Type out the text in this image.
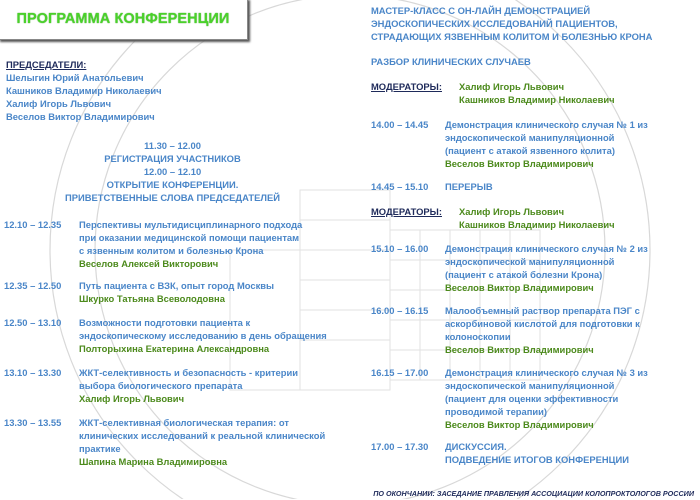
ПРОГРАММА КОНФЕРЕНЦИИ
ПРЕДСЕДАТЕЛИ:
Шелыгин Юрий Анатольевич
Кашников Владимир Николаевич
Халиф Игорь Львович
Веселов Виктор Владимирович
11.30 – 12.00
РЕГИСТРАЦИЯ УЧАСТНИКОВ
12.00 – 12.10
ОТКРЫТИЕ КОНФЕРЕНЦИИ.
ПРИВЕТСТВЕННЫЕ СЛОВА ПРЕДСЕДАТЕЛЕЙ
12.10 – 12.35	Перспективы мультидисциплинарного подхода
при оказании медицинской помощи пациентам
с язвенным колитом и болезнью Крона
Веселов Алексей Викторович
12.35 – 12.50	Путь пациента с ВЗК, опыт город Москвы
Шкурко Татьяна Всеволодовна
12.50 – 13.10	Возможности подготовки пациента к
эндоскопическому исследованию в день обращения
Полторыхина Екатерина Александровна
13.10 – 13.30	ЖКТ-селективность и безопасность - критерии
выбора биологического препарата
Халиф Игорь Львович
13.30 – 13.55	ЖКТ-селективная биологическая терапия: от
клинических исследований к реальной клинической
практике
Шапина Марина Владимировна
МАСТЕР-КЛАСС С ОН-ЛАЙН ДЕМОНСТРАЦИЕЙ
ЭНДОСКОПИЧЕСКИХ ИССЛЕДОВАНИЙ ПАЦИЕНТОВ,
СТРАДАЮЩИХ ЯЗВЕННЫМ КОЛИТОМ И БОЛЕЗНЬЮ КРОНА
РАЗБОР КЛИНИЧЕСКИХ СЛУЧАЕВ
МОДЕРАТОРЫ:	Халиф Игорь Львович
Кашников Владимир Николаевич
14.00 – 14.45	Демонстрация клинического случая № 1 из
эндоскопической манипуляционной
(пациент с атакой язвенного колита)
Веселов Виктор Владимирович
14.45 – 15.10	ПЕРЕРЫВ
МОДЕРАТОРЫ:	Халиф Игорь Львович
Кашников Владимир Николаевич
15.10 – 16.00	Демонстрация клинического случая № 2 из
эндоскопической манипуляционной
(пациент с атакой болезни Крона)
Веселов Виктор Владимирович
16.00 – 16.15	Малообъемный раствор препарата ПЭГ с
аскорбиновой кислотой для подготовки к
колоноскопии
Веселов Виктор Владимирович
16.15 – 17.00	Демонстрация клинического случая № 3 из
эндоскопической манипуляционной
(пациент для оценки эффективности
проводимой терапии)
Веселов Виктор Владимирович
17.00 – 17.30	ДИСКУССИЯ.
ПОДВЕДЕНИЕ ИТОГОВ КОНФЕРЕНЦИИ
ПО ОКОНЧАНИИ: ЗАСЕДАНИЕ ПРАВЛЕНИЯ АССОЦИАЦИИ КОЛОПРОКТОЛОГОВ РОССИИ
